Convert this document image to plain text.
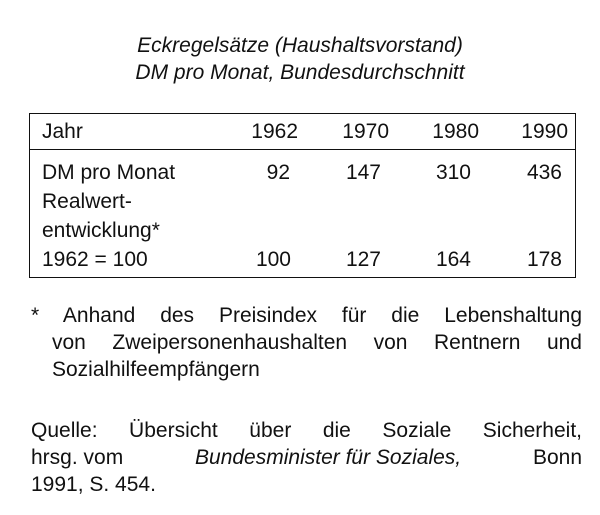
Eckregelsätze (Haushaltsvorstand)
DM pro Monat, Bundesdurchschnitt
Jahr	1962	1970	1980	1990
DM pro Monat	92	147	310	436
Realwert-
entwicklung*
1962 = 100	100	127	164	178
* Anhand des Preisindex für die Lebenshaltung
von Zweipersonenhaushalten von Rentnern und
Sozialhilfeempfängern
Quelle: Übersicht über die Soziale Sicherheit,
hrsg. vom	Bundesminister für Soziales,	Bonn
1991, S. 454.
